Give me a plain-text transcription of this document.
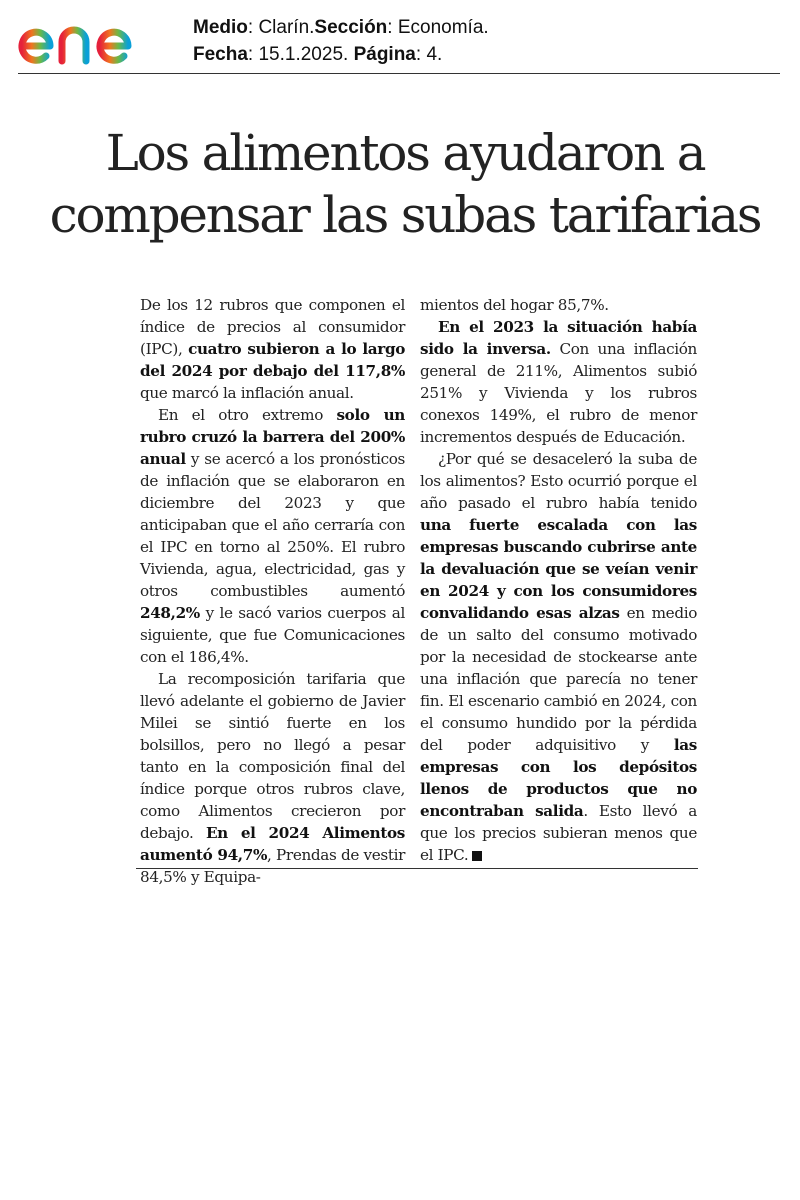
Medio: Clarín.Sección: Economía.
Fecha: 15.1.2025. Página: 4.
Los alimentos ayudaron a
compensar las subas tarifarias

De los 12 rubros que componen el índice de precios al consumidor (IPC), cuatro subieron a lo largo del 2024 por debajo del 117,8% que marcó la inflación anual.

En el otro extremo solo un rubro cruzó la barrera del 200% anual y se acercó a los pronósticos de inflación que se elaboraron en diciembre del 2023 y que anticipaban que el año cerraría con el IPC en torno al 250%. El rubro Vivienda, agua, electricidad, gas y otros combustibles aumentó 248,2% y le sacó varios cuerpos al siguiente, que fue Comunicaciones con el 186,4%.

La recomposición tarifaria que llevó adelante el gobierno de Javier Milei se sintió fuerte en los bolsillos, pero no llegó a pesar tanto en la composición final del índice porque otros rubros clave, como Alimentos crecieron por debajo. En el 2024 Alimentos aumentó 94,7%, Prendas de vestir 84,5% y Equipa-

mientos del hogar 85,7%.

En el 2023 la situación había sido la inversa. Con una inflación general de 211%, Alimentos subió 251% y Vivienda y los rubros conexos 149%, el rubro de menor incrementos después de Educación.

¿Por qué se desaceleró la suba de los alimentos? Esto ocurrió porque el año pasado el rubro había tenido una fuerte escalada con las empresas buscando cubrirse ante la devaluación que se veían venir en 2024 y con los consumidores convalidando esas alzas en medio de un salto del consumo motivado por la necesidad de stockearse ante una inflación que parecía no tener fin. El escenario cambió en 2024, con el consumo hundido por la pérdida del poder adquisitivo y las empresas con los depósitos llenos de productos que no encontraban salida. Esto llevó a que los precios subieran menos que el IPC.
